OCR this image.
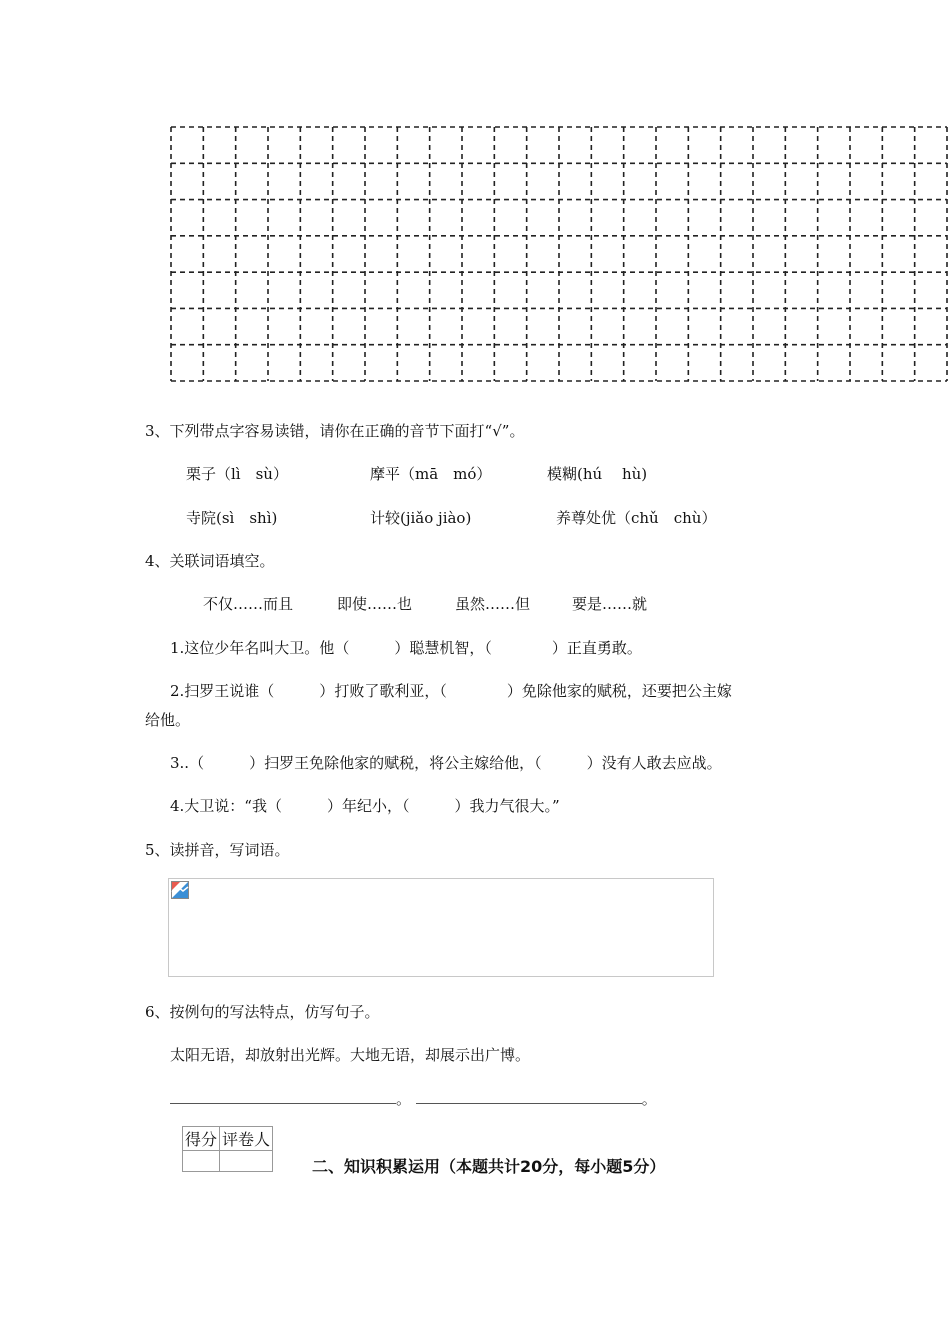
3、下列带点字容易读错，请你在正确的音节下面打“√”。
栗子（lì　sù）	摩平（mā　mó）	模糊(hú　 hù)
寺院(sì　shì)	计较(jiǎo jiào)	养尊处优（chǔ　chù）
4、关联词语填空。
不仅……而且	即使……也	虽然……但	要是……就
1.这位少年名叫大卫。他（　　　）聪慧机智，（　　　　）正直勇敢。
2.扫罗王说谁（　　　）打败了歌利亚，（　　　　）免除他家的赋税，还要把公主嫁
给他。
3..（　　　）扫罗王免除他家的赋税，将公主嫁给他，（　　　）没有人敢去应战。
4.大卫说：“我（　　　）年纪小，（　　　）我力气很大。”
5、读拼音，写词语。
6、按例句的写法特点，仿写句子。
太阳无语，却放射出光辉。大地无语，却展示出广博。
。	。
得分	评卷人

二、知识积累运用（本题共计20分，每小题5分）
